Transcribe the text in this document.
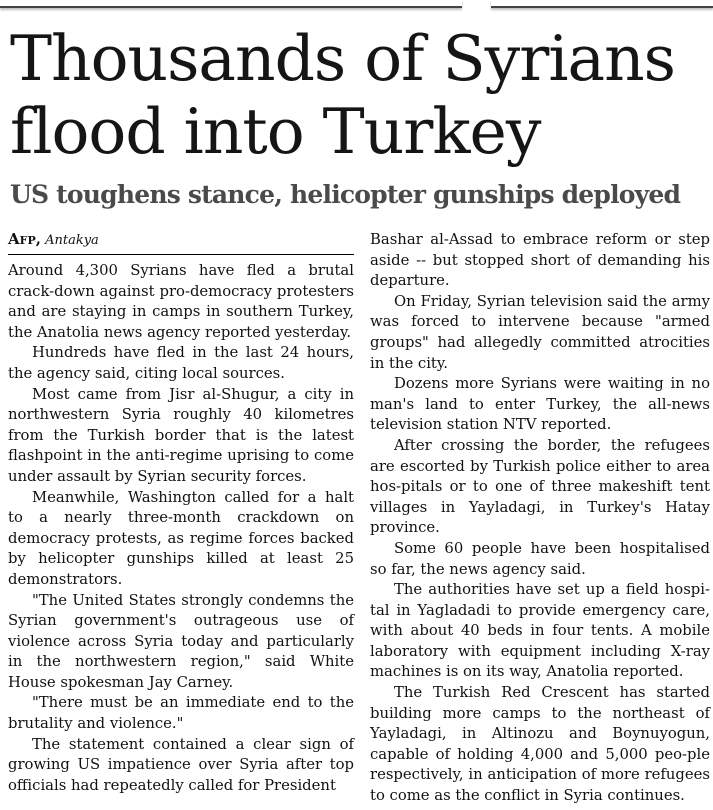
Thousands of Syrians flood into Turkey
US toughens stance, helicopter gunships deployed
Afp, Antakya

Around 4,300 Syrians have fled a brutal crack-down against pro-democracy protesters and are staying in camps in southern Turkey, the Anatolia news agency reported yesterday.

Hundreds have fled in the last 24 hours, the agency said, citing local sources.

Most came from Jisr al-Shugur, a city in northwestern Syria roughly 40 kilometres from the Turkish border that is the latest flashpoint in the anti-regime uprising to come under assault by Syrian security forces.

Meanwhile, Washington called for a halt to a nearly three-month crackdown on democracy protests, as regime forces backed by helicopter gunships killed at least 25 demonstrators.

"The United States strongly condemns the Syrian government's outrageous use of violence across Syria today and particularly in the northwestern region," said White House spokesman Jay Carney.

"There must be an immediate end to the brutality and violence."

The statement contained a clear sign of growing US impatience over Syria after top officials had repeatedly called for President

Bashar al-Assad to embrace reform or step aside -- but stopped short of demanding his departure.

On Friday, Syrian television said the army was forced to intervene because "armed groups" had allegedly committed atrocities in the city.

Dozens more Syrians were waiting in no man's land to enter Turkey, the all-news television station NTV reported.

After crossing the border, the refugees are escorted by Turkish police either to area hos-pitals or to one of three makeshift tent villages in Yayladagi, in Turkey's Hatay province.

Some 60 people have been hospitalised so far, the news agency said.

The authorities have set up a field hospi-tal in Yagladadi to provide emergency care, with about 40 beds in four tents. A mobile laboratory with equipment including X-ray machines is on its way, Anatolia reported.

The Turkish Red Crescent has started building more camps to the northeast of Yayladagi, in Altinozu and Boynuyogun, capable of holding 4,000 and 5,000 peo-ple respectively, in anticipation of more refugees to come as the conflict in Syria continues.
